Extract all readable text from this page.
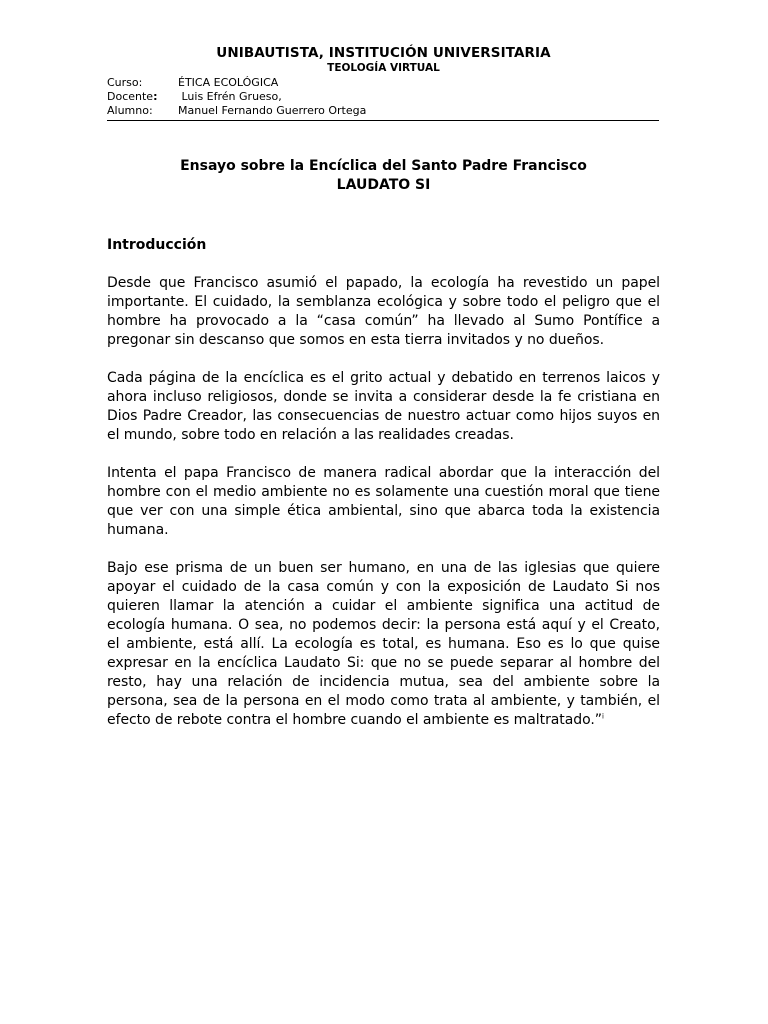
UNIBAUTISTA, INSTITUCIÓN UNIVERSITARIA

TEOLOGÍA VIRTUAL

Curso:	ÉTICA ECOLÓGICA
Docente:	Luis Efrén Grueso,
Alumno:	Manuel Fernando Guerrero Ortega

Ensayo sobre la Encíclica del Santo Padre Francisco

LAUDATO SI

Introducción

Desde que Francisco asumió el papado, la ecología ha revestido un papel importante. El cuidado, la semblanza ecológica y sobre todo el peligro que el hombre ha provocado a la “casa común” ha llevado al Sumo Pontífice a pregonar sin descanso que somos en esta tierra invitados y no dueños.

Cada página de la encíclica es el grito actual y debatido en terrenos laicos y ahora incluso religiosos, donde se invita a considerar desde la fe cristiana en Dios Padre Creador, las consecuencias de nuestro actuar como hijos suyos en el mundo, sobre todo en relación a las realidades creadas.

Intenta el papa Francisco de manera radical abordar que la interacción del hombre con el medio ambiente no es solamente una cuestión moral que tiene que ver con una simple ética ambiental, sino que abarca toda la existencia humana.

Bajo ese prisma de un buen ser humano, en una de las iglesias que quiere apoyar el cuidado de la casa común y con la exposición de Laudato Si nos quieren llamar la atención a cuidar el ambiente significa una actitud de ecología humana. O sea, no podemos decir: la persona está aquí y el Creato, el ambiente, está allí. La ecología es total, es humana. Eso es lo que quise expresar en la encíclica Laudato Si: que no se puede separar al hombre del resto, hay una relación de incidencia mutua, sea del ambiente sobre la persona, sea de la persona en el modo como trata al ambiente, y también, el efecto de rebote contra el hombre cuando el ambiente es maltratado.”$^i$
